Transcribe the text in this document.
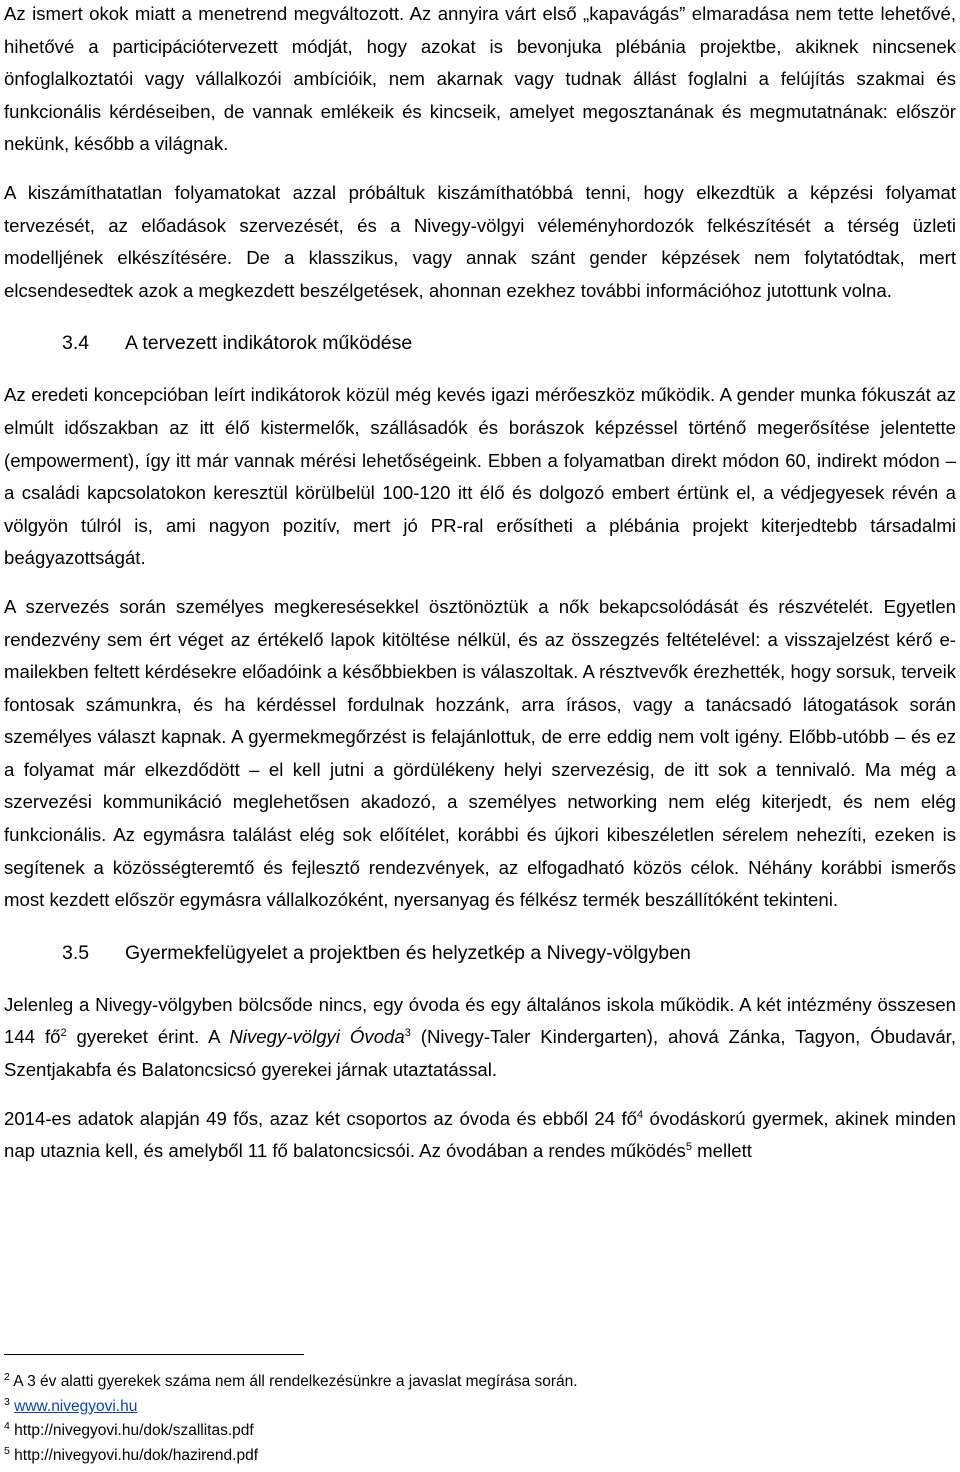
Az ismert okok miatt a menetrend megváltozott. Az annyira várt első „kapavágás” elmaradása nem tette lehetővé, hihetővé a participációtervezett módját, hogy azokat is bevonjuka plébánia projektbe, akiknek nincsenek önfoglalkoztatói vagy vállalkozói ambícióik, nem akarnak vagy tudnak állást foglalni a felújítás szakmai és funkcionális kérdéseiben, de vannak emlékeik és kincseik, amelyet megosztanának és megmutatnának: először nekünk, később a világnak.

A kiszámíthatatlan folyamatokat azzal próbáltuk kiszámíthatóbbá tenni, hogy elkezdtük a képzési folyamat tervezését, az előadások szervezését, és a Nivegy-völgyi véleményhordozók felkészítését a térség üzleti modelljének elkészítésére. De a klasszikus, vagy annak szánt gender képzések nem folytatódtak, mert elcsendesedtek azok a megkezdett beszélgetések, ahonnan ezekhez további információhoz jutottunk volna.

3.4 A tervezett indikátorok működése

Az eredeti koncepcióban leírt indikátorok közül még kevés igazi mérőeszköz működik. A gender munka fókuszát az elmúlt időszakban az itt élő kistermelők, szállásadók és borászok képzéssel történő megerősítése jelentette (empowerment), így itt már vannak mérési lehetőségeink. Ebben a folyamatban direkt módon 60, indirekt módon – a családi kapcsolatokon keresztül körülbelül 100-120 itt élő és dolgozó embert értünk el, a védjegyesek révén a völgyön túlról is, ami nagyon pozitív, mert jó PR-ral erősítheti a plébánia projekt kiterjedtebb társadalmi beágyazottságát.

A szervezés során személyes megkeresésekkel ösztönöztük a nők bekapcsolódását és részvételét. Egyetlen rendezvény sem ért véget az értékelő lapok kitöltése nélkül, és az összegzés feltételével: a visszajelzést kérő e-mailekben feltett kérdésekre előadóink a későbbiekben is válaszoltak. A résztvevők érezhették, hogy sorsuk, terveik fontosak számunkra, és ha kérdéssel fordulnak hozzánk, arra írásos, vagy a tanácsadó látogatások során személyes választ kapnak. A gyermekmegőrzést is felajánlottuk, de erre eddig nem volt igény. Előbb-utóbb – és ez a folyamat már elkezdődött – el kell jutni a gördülékeny helyi szervezésig, de itt sok a tennivaló. Ma még a szervezési kommunikáció meglehetősen akadozó, a személyes networking nem elég kiterjedt, és nem elég funkcionális. Az egymásra találást elég sok előítélet, korábbi és újkori kibeszéletlen sérelem nehezíti, ezeken is segítenek a közösségteremtő és fejlesztő rendezvények, az elfogadható közös célok. Néhány korábbi ismerős most kezdett először egymásra vállalkozóként, nyersanyag és félkész termék beszállítóként tekinteni.

3.5 Gyermekfelügyelet a projektben és helyzetkép a Nivegy-völgyben

Jelenleg a Nivegy-völgyben bölcsőde nincs, egy óvoda és egy általános iskola működik. A két intézmény összesen 144 $fő^2$ gyereket érint. A Nivegy-völgyi Óvoda$^3$ (Nivegy-Taler Kindergarten), ahová Zánka, Tagyon, Óbudavár, Szentjakabfa és Balatoncsicsó gyerekei járnak utaztatással.

2014-es adatok alapján 49 fős, azaz két csoportos az óvoda és ebből 24 $fő^4$ óvodáskorú gyermek, akinek minden nap utaznia kell, és amelyből 11 fő balatoncsicsói. Az óvodában a rendes működés$^5$ mellett

$^2$ A 3 év alatti gyerekek száma nem áll rendelkezésünkre a javaslat megírása során.
$^3$ www.nivegyovi.hu
$^4$ http://nivegyovi.hu/dok/szallitas.pdf
$^5$ http://nivegyovi.hu/dok/hazirend.pdf
